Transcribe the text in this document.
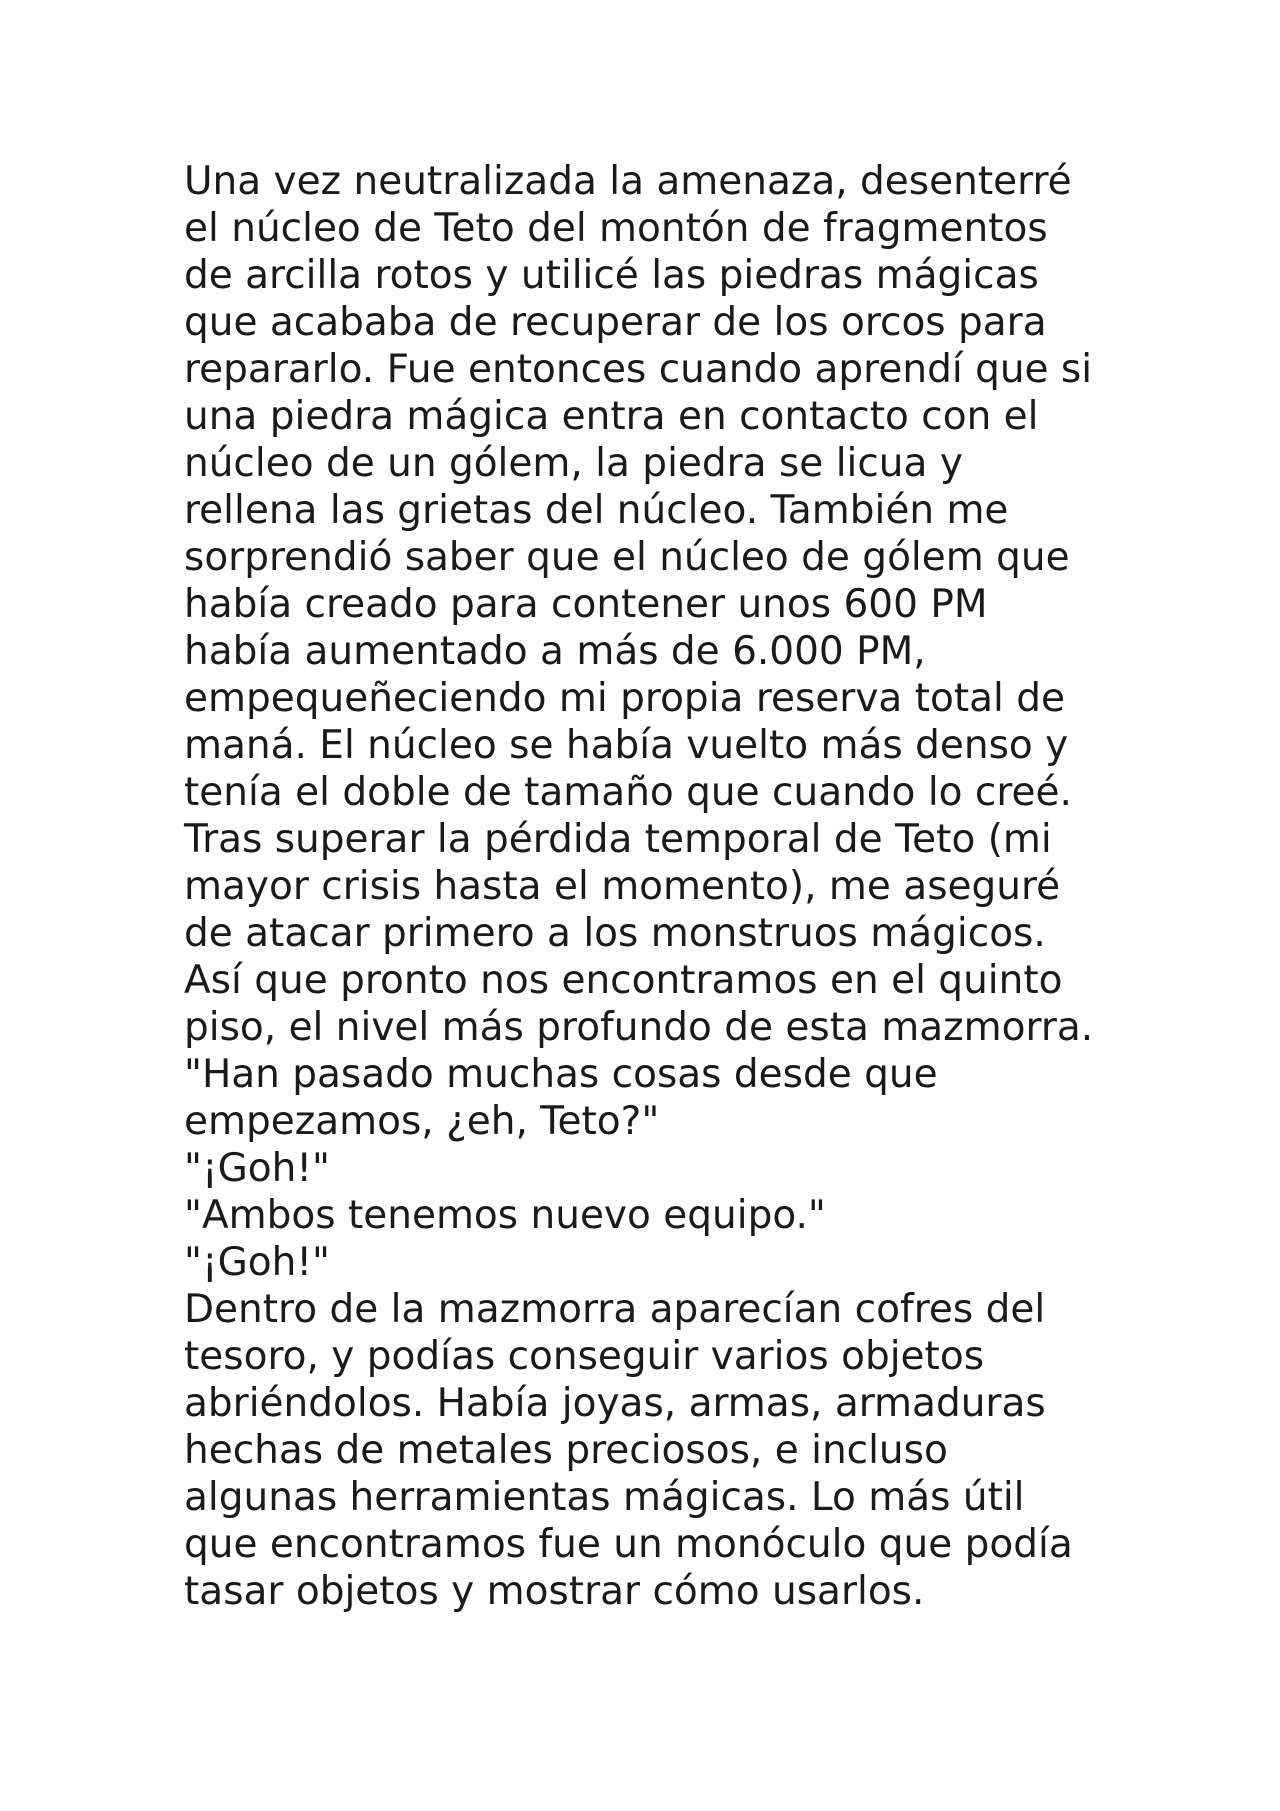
Una vez neutralizada la amenaza, desenterré
el núcleo de Teto del montón de fragmentos
de arcilla rotos y utilicé las piedras mágicas
que acababa de recuperar de los orcos para
repararlo. Fue entonces cuando aprendí que si
una piedra mágica entra en contacto con el
núcleo de un gólem, la piedra se licua y
rellena las grietas del núcleo. También me
sorprendió saber que el núcleo de gólem que
había creado para contener unos 600 PM
había aumentado a más de 6.000 PM,
empequeñeciendo mi propia reserva total de
maná. El núcleo se había vuelto más denso y
tenía el doble de tamaño que cuando lo creé.
Tras superar la pérdida temporal de Teto (mi
mayor crisis hasta el momento), me aseguré
de atacar primero a los monstruos mágicos.
Así que pronto nos encontramos en el quinto
piso, el nivel más profundo de esta mazmorra.
"Han pasado muchas cosas desde que
empezamos, ¿eh, Teto?"
"¡Goh!"
"Ambos tenemos nuevo equipo."
"¡Goh!"
Dentro de la mazmorra aparecían cofres del
tesoro, y podías conseguir varios objetos
abriéndolos. Había joyas, armas, armaduras
hechas de metales preciosos, e incluso
algunas herramientas mágicas. Lo más útil
que encontramos fue un monóculo que podía
tasar objetos y mostrar cómo usarlos.
